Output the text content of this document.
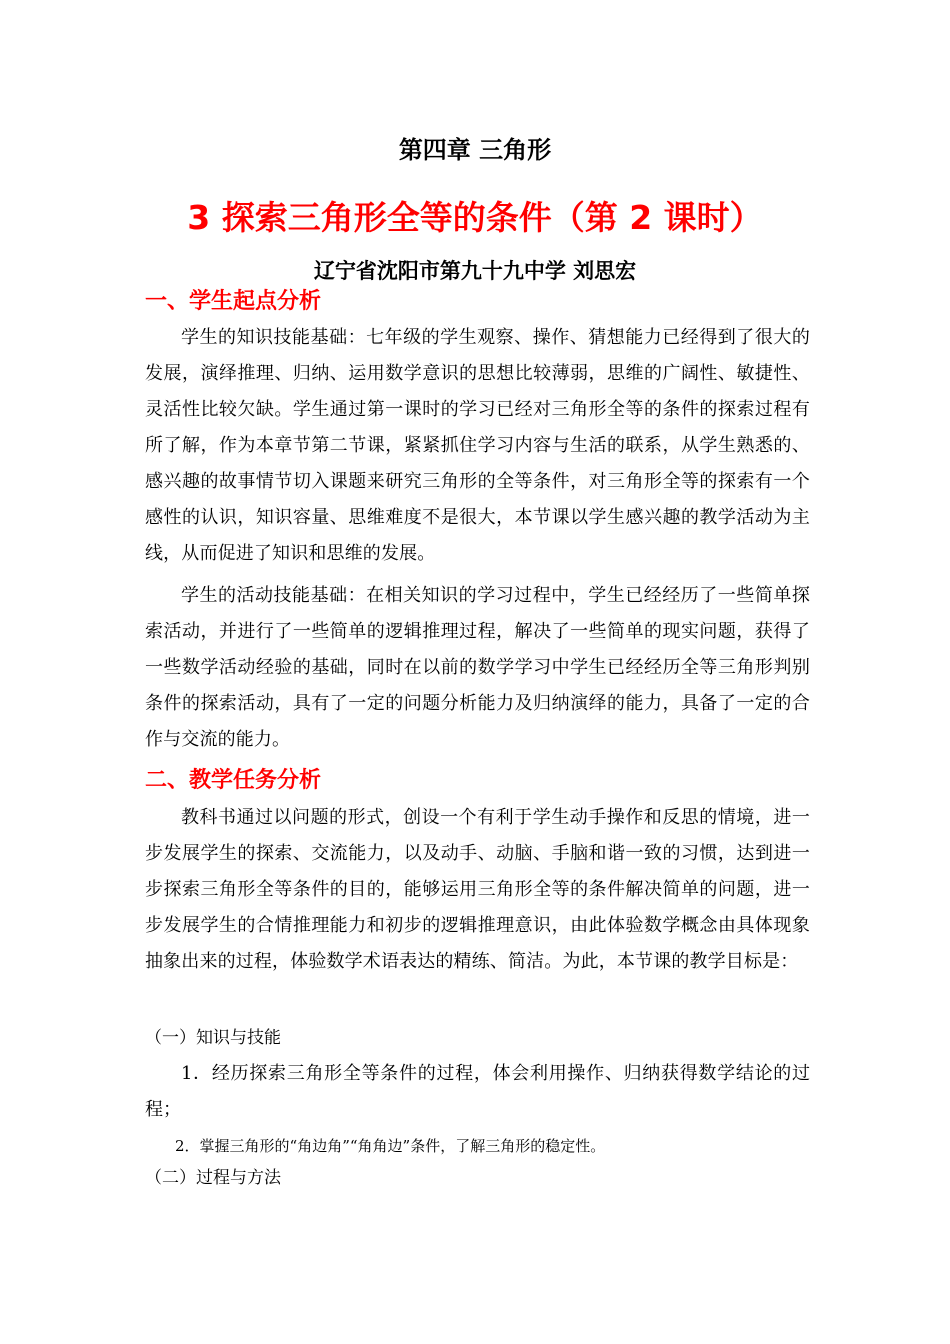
第四章 三角形
3 探索三角形全等的条件（第 2 课时）
辽宁省沈阳市第九十九中学 刘思宏
一、学生起点分析
学生的知识技能基础：七年级的学生观察、操作、猜想能力已经得到了很大的发展，演绎推理、归纳、运用数学意识的思想比较薄弱，思维的广阔性、敏捷性、灵活性比较欠缺。学生通过第一课时的学习已经对三角形全等的条件的探索过程有所了解，作为本章节第二节课，紧紧抓住学习内容与生活的联系，从学生熟悉的、感兴趣的故事情节切入课题来研究三角形的全等条件，对三角形全等的探索有一个感性的认识，知识容量、思维难度不是很大，本节课以学生感兴趣的教学活动为主线，从而促进了知识和思维的发展。
学生的活动技能基础：在相关知识的学习过程中，学生已经经历了一些简单探索活动，并进行了一些简单的逻辑推理过程，解决了一些简单的现实问题，获得了一些数学活动经验的基础，同时在以前的数学学习中学生已经经历全等三角形判别条件的探索活动，具有了一定的问题分析能力及归纳演绎的能力，具备了一定的合作与交流的能力。
二、教学任务分析
教科书通过以问题的形式，创设一个有利于学生动手操作和反思的情境，进一步发展学生的探索、交流能力，以及动手、动脑、手脑和谐一致的习惯，达到进一步探索三角形全等条件的目的，能够运用三角形全等的条件解决简单的问题，进一步发展学生的合情推理能力和初步的逻辑推理意识，由此体验数学概念由具体现象抽象出来的过程，体验数学术语表达的精练、简洁。为此，本节课的教学目标是：
（一）知识与技能
1．经历探索三角形全等条件的过程，体会利用操作、归纳获得数学结论的过程；
2．掌握三角形的“角边角”“角角边”条件，了解三角形的稳定性。
（二）过程与方法
